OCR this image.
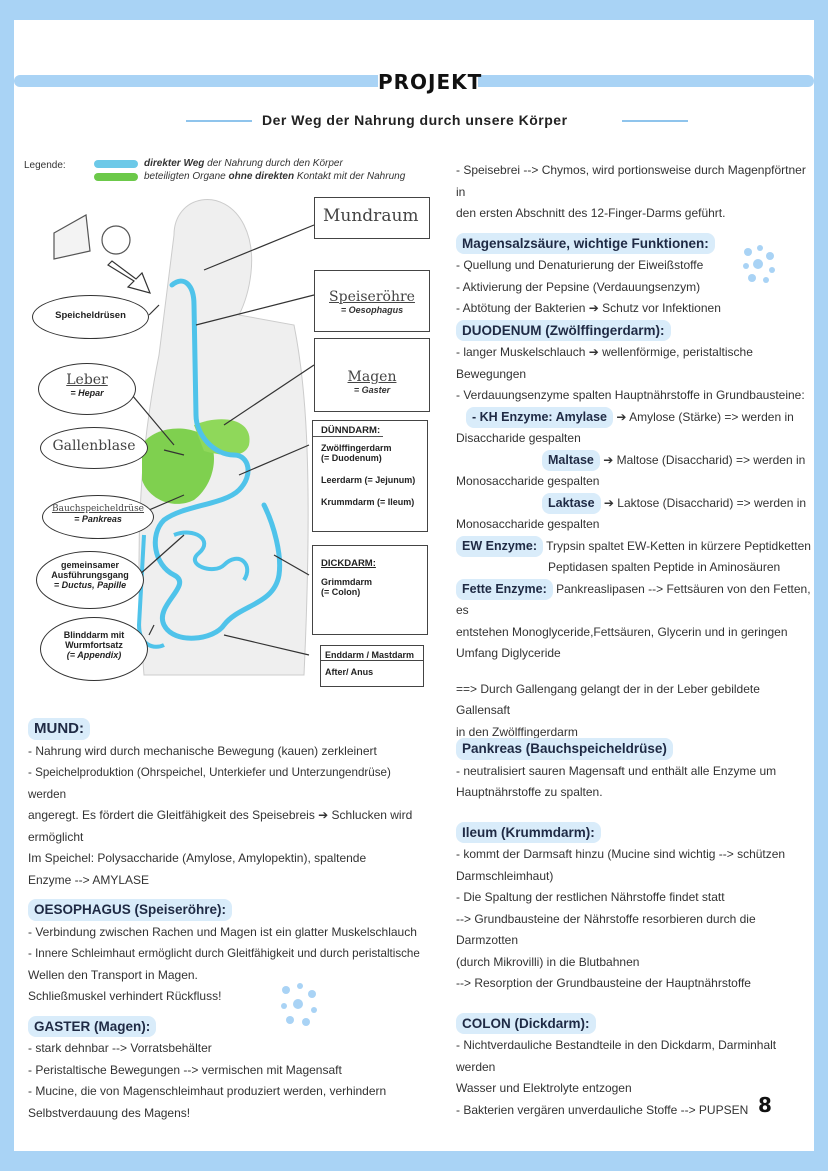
PROJEKT
Der Weg der Nahrung durch unsere Körper
Legende:	direkter Weg der Nahrung durch den Körper
beteiligten Organe ohne direkten Kontakt mit der Nahrung
Mundraum
Speiseröhre
= Oesophagus
Magen
= Gaster
DÜNNDARM:
Zwölffingerdarm
(= Duodenum)
Leerdarm (= Jejunum)
Krummdarm (= Ileum)
DICKDARM:
Grimmdarm
(= Colon)
Enddarm / Mastdarm
After/ Anus
Speicheldrüsen
Leber
= Hepar
Gallenblase
Bauchspeicheldrüse
= Pankreas
gemeinsamer
Ausführungsgang
= Ductus, Papille
Blinddarm mit
Wurmfortsatz
(= Appendix)
- Speisebrei --> Chymos, wird portionsweise durch Magenpförtner in
den ersten Abschnitt des 12-Finger-Darms geführt.
Magensalzsäure, wichtige Funktionen:
- Quellung und Denaturierung der Eiweißstoffe
- Aktivierung der Pepsine (Verdauungsenzym)
- Abtötung der Bakterien ➔ Schutz vor Infektionen
DUODENUM (Zwölffingerdarm):
- langer Muskelschlauch ➔ wellenförmige, peristaltische
Bewegungen
- Verdauungsenzyme spalten Hauptnährstoffe in Grundbausteine:
- KH Enzyme: Amylase ➔ Amylose (Stärke) => werden in
Disaccharide gespalten
Maltase ➔ Maltose (Disaccharid) => werden in
Monosaccharide gespalten
Laktase ➔ Laktose (Disaccharid) => werden in
Monosaccharide gespalten
EW Enzyme: Trypsin spaltet EW-Ketten in kürzere Peptidketten
Peptidasen spalten Peptide in Aminosäuren
Fette Enzyme: Pankreaslipasen --> Fettsäuren von den Fetten, es
entstehen Monoglyceride,Fettsäuren, Glycerin und in geringen
Umfang Diglyceride
==> Durch Gallengang gelangt der in der Leber gebildete Gallensaft
in den Zwölffingerdarm
Pankreas (Bauchspeicheldrüse)
- neutralisiert sauren Magensaft und enthält alle Enzyme um
Hauptnährstoffe zu spalten.
Ileum (Krummdarm):
- kommt der Darmsaft hinzu (Mucine sind wichtig --> schützen
Darmschleimhaut)
- Die Spaltung der restlichen Nährstoffe findet statt
--> Grundbausteine der Nährstoffe resorbieren durch die Darmzotten
(durch Mikrovilli) in die Blutbahnen
--> Resorption der Grundbausteine der Hauptnährstoffe
COLON (Dickdarm):
- Nichtverdauliche Bestandteile in den Dickdarm, Darminhalt werden
Wasser und Elektrolyte entzogen
- Bakterien vergären unverdauliche Stoffe --> PUPSEN
MUND:
- Nahrung wird durch mechanische Bewegung (kauen) zerkleinert
- Speichelproduktion (Ohrspeichel, Unterkiefer und Unterzungendrüse) werden
angeregt. Es fördert die Gleitfähigkeit des Speisebreis ➔ Schlucken wird
ermöglicht
Im Speichel: Polysaccharide (Amylose, Amylopektin), spaltende
Enzyme --> AMYLASE
OESOPHAGUS (Speiseröhre):
- Verbindung zwischen Rachen und Magen ist ein glatter Muskelschlauch
- Innere Schleimhaut ermöglicht durch Gleitfähigkeit und durch peristaltische
Wellen den Transport in Magen.
Schließmuskel verhindert Rückfluss!
GASTER (Magen):
- stark dehnbar --> Vorratsbehälter
- Peristaltische Bewegungen --> vermischen mit Magensaft
- Mucine, die von Magenschleimhaut produziert werden, verhindern
Selbstverdauung des Magens!	8
